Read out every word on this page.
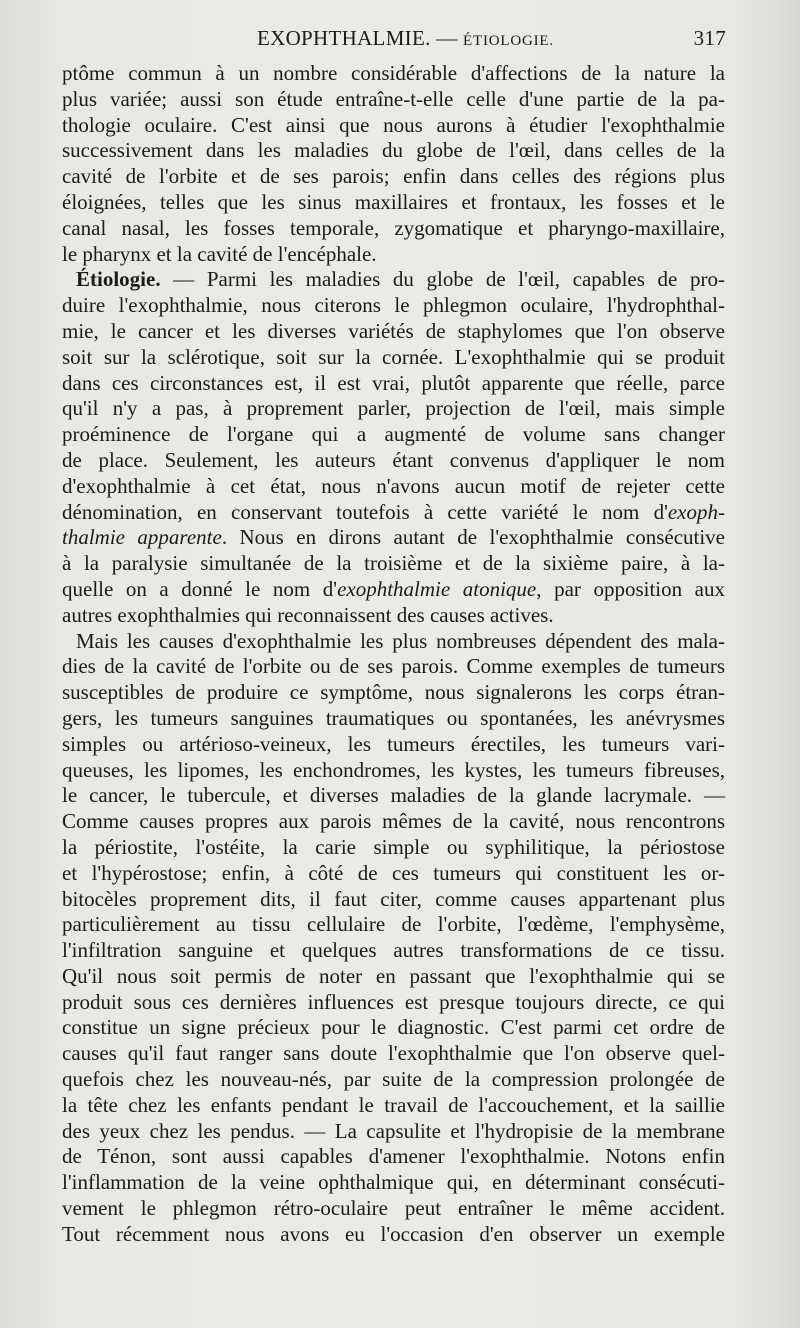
EXOPHTHALMIE. — ÉTIOLOGIE.	317
ptôme commun à un nombre considérable d'affections de la nature la
plus variée; aussi son étude entraîne-t-elle celle d'une partie de la pa-
thologie oculaire. C'est ainsi que nous aurons à étudier l'exophthalmie
successivement dans les maladies du globe de l'œil, dans celles de la
cavité de l'orbite et de ses parois; enfin dans celles des régions plus
éloignées, telles que les sinus maxillaires et frontaux, les fosses et le
canal nasal, les fosses temporale, zygomatique et pharyngo-maxillaire,
le pharynx et la cavité de l'encéphale.
Étiologie. — Parmi les maladies du globe de l'œil, capables de pro-
duire l'exophthalmie, nous citerons le phlegmon oculaire, l'hydrophthal-
mie, le cancer et les diverses variétés de staphylomes que l'on observe
soit sur la sclérotique, soit sur la cornée. L'exophthalmie qui se produit
dans ces circonstances est, il est vrai, plutôt apparente que réelle, parce
qu'il n'y a pas, à proprement parler, projection de l'œil, mais simple
proéminence de l'organe qui a augmenté de volume sans changer
de place. Seulement, les auteurs étant convenus d'appliquer le nom
d'exophthalmie à cet état, nous n'avons aucun motif de rejeter cette
dénomination, en conservant toutefois à cette variété le nom d'exoph-
thalmie apparente. Nous en dirons autant de l'exophthalmie consécutive
à la paralysie simultanée de la troisième et de la sixième paire, à la-
quelle on a donné le nom d'exophthalmie atonique, par opposition aux
autres exophthalmies qui reconnaissent des causes actives.
Mais les causes d'exophthalmie les plus nombreuses dépendent des mala-
dies de la cavité de l'orbite ou de ses parois. Comme exemples de tumeurs
susceptibles de produire ce symptôme, nous signalerons les corps étran-
gers, les tumeurs sanguines traumatiques ou spontanées, les anévrysmes
simples ou artérioso-veineux, les tumeurs érectiles, les tumeurs vari-
queuses, les lipomes, les enchondromes, les kystes, les tumeurs fibreuses,
le cancer, le tubercule, et diverses maladies de la glande lacrymale. —
Comme causes propres aux parois mêmes de la cavité, nous rencontrons
la périostite, l'ostéite, la carie simple ou syphilitique, la périostose
et l'hypérostose; enfin, à côté de ces tumeurs qui constituent les or-
bitocèles proprement dits, il faut citer, comme causes appartenant plus
particulièrement au tissu cellulaire de l'orbite, l'œdème, l'emphysème,
l'infiltration sanguine et quelques autres transformations de ce tissu.
Qu'il nous soit permis de noter en passant que l'exophthalmie qui se
produit sous ces dernières influences est presque toujours directe, ce qui
constitue un signe précieux pour le diagnostic. C'est parmi cet ordre de
causes qu'il faut ranger sans doute l'exophthalmie que l'on observe quel-
quefois chez les nouveau-nés, par suite de la compression prolongée de
la tête chez les enfants pendant le travail de l'accouchement, et la saillie
des yeux chez les pendus. — La capsulite et l'hydropisie de la membrane
de Ténon, sont aussi capables d'amener l'exophthalmie. Notons enfin
l'inflammation de la veine ophthalmique qui, en déterminant consécuti-
vement le phlegmon rétro-oculaire peut entraîner le même accident.
Tout récemment nous avons eu l'occasion d'en observer un exemple
